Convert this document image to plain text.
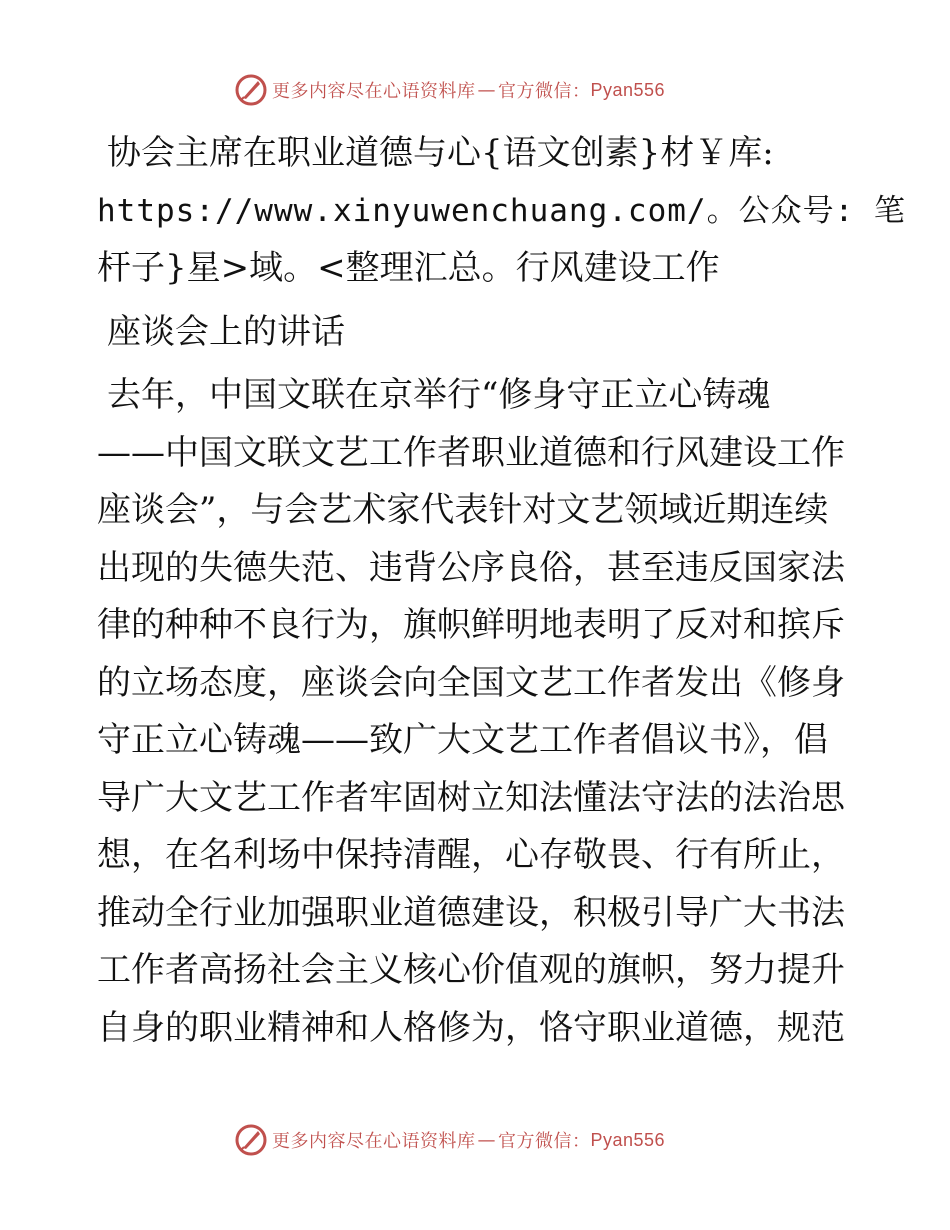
更多内容尽在心语资料库 — 官方微信： Pyan556

协会主席在职业道德与心{语文创素}材￥库:

https://www.xinyuwenchuang.com/。公众号: 笔

杆子}星>域。<整理汇总。行风建设工作

座谈会上的讲话

去年，中国文联在京举行“修身守正立心铸魂

——中国文联文艺工作者职业道德和行风建设工作

座谈会”，与会艺术家代表针对文艺领域近期连续

出现的失德失范、违背公序良俗，甚至违反国家法

律的种种不良行为，旗帜鲜明地表明了反对和摈斥

的立场态度，座谈会向全国文艺工作者发出《修身

守正立心铸魂——致广大文艺工作者倡议书》，倡

导广大文艺工作者牢固树立知法懂法守法的法治思

想，在名利场中保持清醒，心存敬畏、行有所止，

推动全行业加强职业道德建设，积极引导广大书法

工作者高扬社会主义核心价值观的旗帜，努力提升

自身的职业精神和人格修为，恪守职业道德，规范

更多内容尽在心语资料库 — 官方微信： Pyan556
